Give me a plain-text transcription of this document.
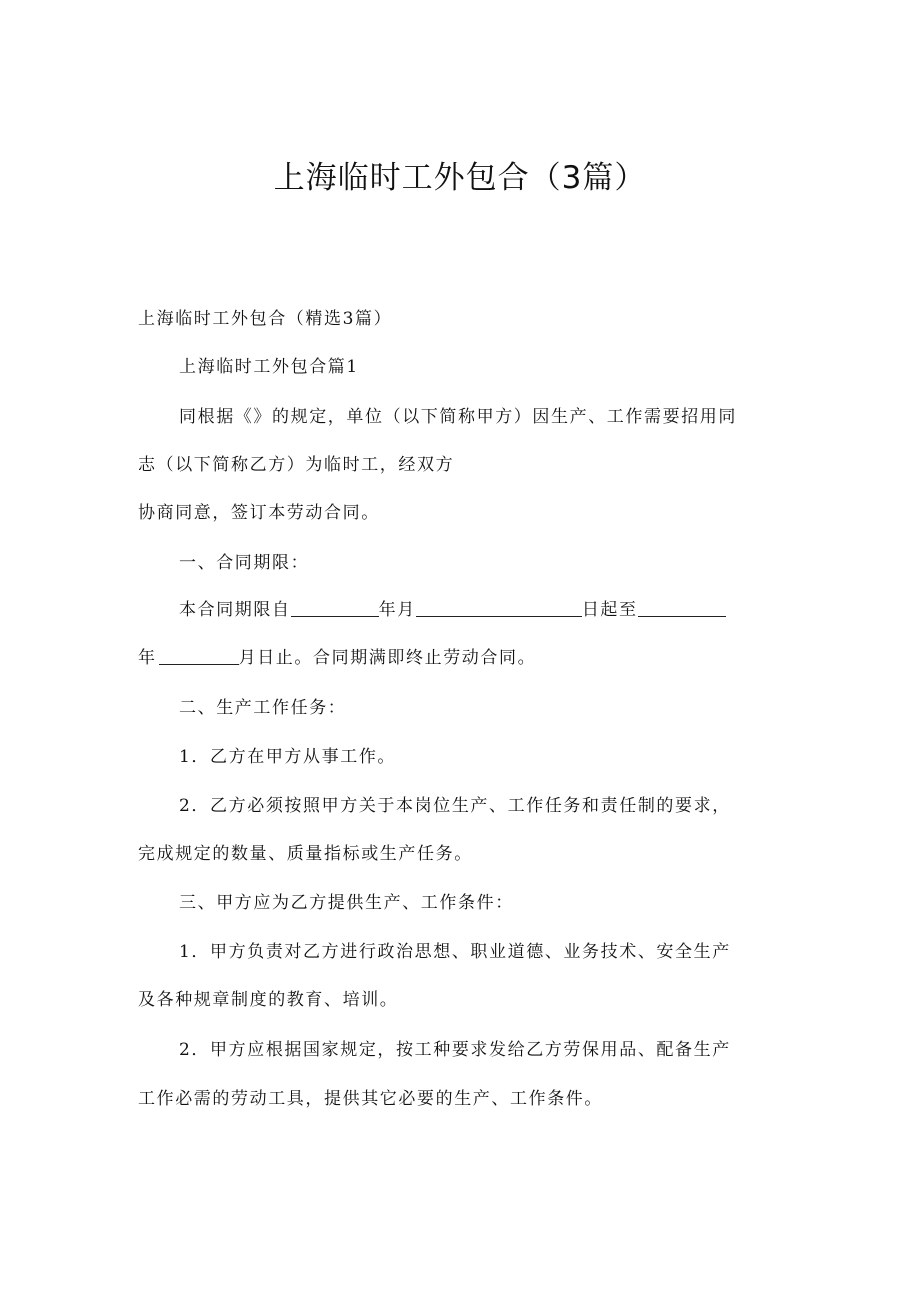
上海临时工外包合（3篇）
上海临时工外包合（精选3篇）
上海临时工外包合篇1
同根据《》的规定，单位（以下简称甲方）因生产、工作需要招用同
志（以下简称乙方）为临时工，经双方
协商同意，签订本劳动合同。
一、合同期限：
本合同期限自	年月	日起至
年	月日止。合同期满即终止劳动合同。
二、生产工作任务：
1．乙方在甲方从事工作。
2．乙方必须按照甲方关于本岗位生产、工作任务和责任制的要求，
完成规定的数量、质量指标或生产任务。
三、甲方应为乙方提供生产、工作条件：
1．甲方负责对乙方进行政治思想、职业道德、业务技术、安全生产
及各种规章制度的教育、培训。
2．甲方应根据国家规定，按工种要求发给乙方劳保用品、配备生产
工作必需的劳动工具，提供其它必要的生产、工作条件。
